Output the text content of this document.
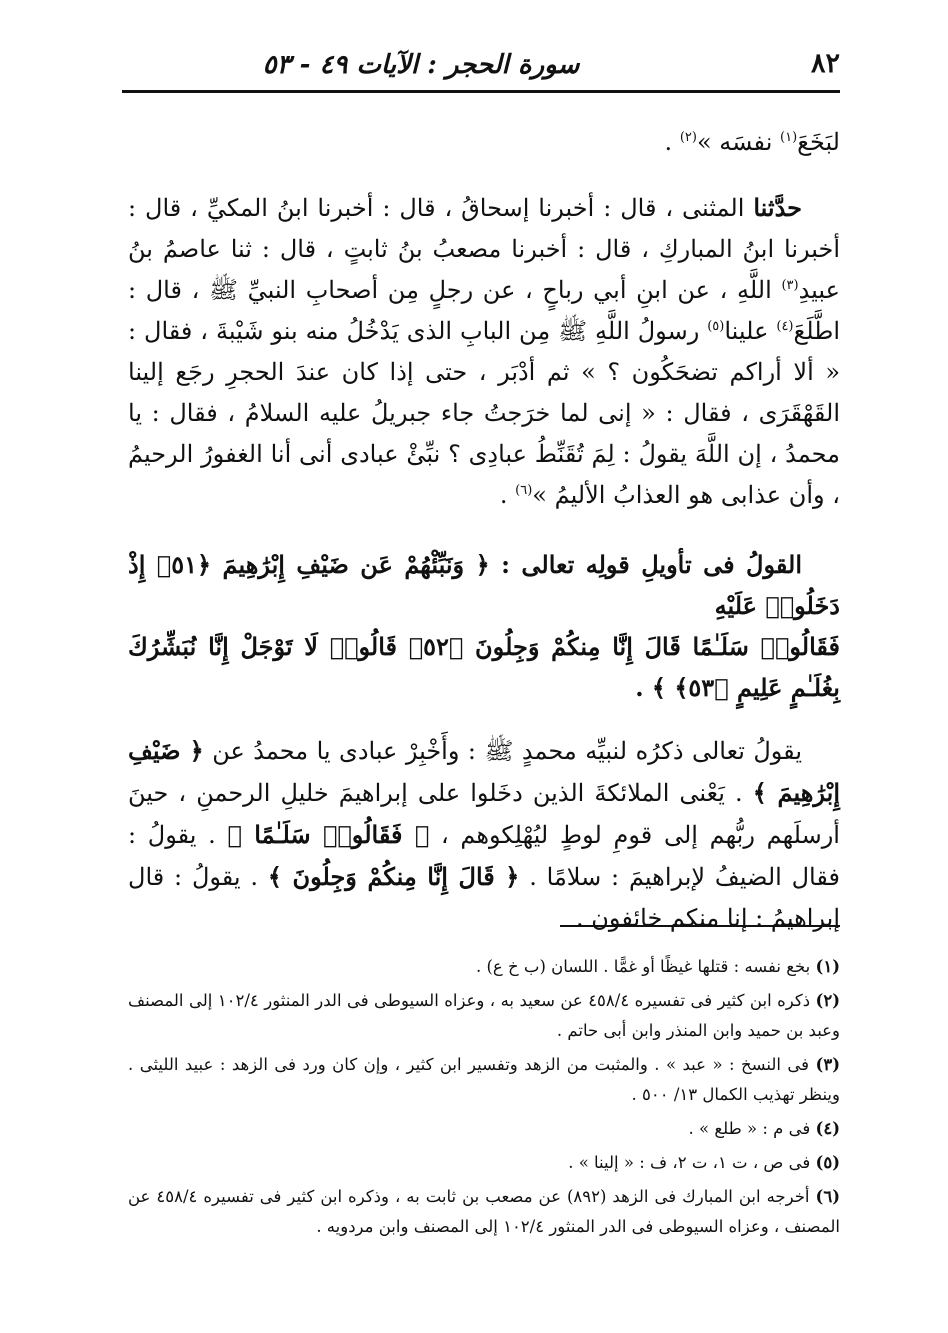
٨٢
سورة الحجر : الآيات ٤٩ - ٥٣

لبَخَعَ$^{(١)}$ نفسَه »$^{(٢)}$ .

حدَّثنا المثنى ، قال : أخبرنا إسحاقُ ، قال : أخبرنا ابنُ المكيِّ ، قال : أخبرنا ابنُ المباركِ ، قال : أخبرنا مصعبُ بنُ ثابتٍ ، قال : ثنا عاصمُ بنُ عبيدِ$^{(٣)}$ اللَّهِ ، عن ابنِ أبي رباحٍ ، عن رجلٍ مِن أصحابِ النبيِّ ﷺ ، قال : اطَّلَعَ$^{(٤)}$ علينا$^{(٥)}$ رسولُ اللَّهِ ﷺ مِن البابِ الذى يَدْخُلُ منه بنو شَيْبةَ ، فقال : « ألا أراكم تضحَكُون ؟ » ثم أدْبَر ، حتى إذا كان عندَ الحجرِ رجَع إلينا القَهْقَرَى ، فقال : « إنى لما خرَجتُ جاء جبريلُ عليه السلامُ ، فقال : يا محمدُ ، إن اللَّهَ يقولُ : لِمَ تُقَنِّطُ عبادِى ؟ نبِّئْ عبادى أنى أنا الغفورُ الرحيمُ ، وأن عذابى هو العذابُ الأليمُ »$^{(٦)}$ .

القولُ فى تأويلِ قولِه تعالى : ﴿ وَنَبِّئْهُمْ عَن ضَيْفِ إِبْرَٰهِيمَ ﴿٥١﴾ إِذْ دَخَلُوا۟ عَلَيْهِ

فَقَالُوا۟ سَلَـٰمًا قَالَ إِنَّا مِنكُمْ وَجِلُونَ ﴿٥٢﴾ قَالُوا۟ لَا تَوْجَلْ إِنَّا نُبَشِّرُكَ بِغُلَـٰمٍ عَلِيمٍ ﴿٥٣﴾ ﴾ .

يقولُ تعالى ذكرُه لنبيِّه محمدٍ ﷺ : وأَخْبِرْ عبادى يا محمدُ عن ﴿ ضَيْفِ إِبْرَٰهِيمَ ﴾ . يَعْنى الملائكةَ الذين دخَلوا على إبراهيمَ خليلِ الرحمنِ ، حينَ أرسلَهم ربُّهم إلى قومِ لوطٍ ليُهْلِكوهم ، ﴿ فَقَالُوا۟ سَلَـٰمًا ﴾ . يقولُ : فقال الضيفُ لإبراهيمَ : سلامًا . ﴿ قَالَ إِنَّا مِنكُمْ وَجِلُونَ ﴾ . يقولُ : قال إبراهيمُ : إنا منكم خائفون .

(١) بخع نفسه : قتلها غيظًا أو غمًّا . اللسان (ب خ ع) .

(٢) ذكره ابن كثير فى تفسيره ٤٥٨/٤ عن سعيد به ، وعزاه السيوطى فى الدر المنثور ١٠٢/٤ إلى المصنف وعبد بن حميد وابن المنذر وابن أبى حاتم .

(٣) فى النسخ : « عبد » . والمثبت من الزهد وتفسير ابن كثير ، وإن كان ورد فى الزهد : عبيد الليثى . وينظر تهذيب الكمال ١٣/ ٥٠٠ .

(٤) فى م : « طلع » .

(٥) فى ص ، ت ١، ت ٢، ف : « إلينا » .

(٦) أخرجه ابن المبارك فى الزهد (٨٩٢) عن مصعب بن ثابت به ، وذكره ابن كثير فى تفسيره ٤٥٨/٤ عن المصنف ، وعزاه السيوطى فى الدر المنثور ١٠٢/٤ إلى المصنف وابن مردويه .
